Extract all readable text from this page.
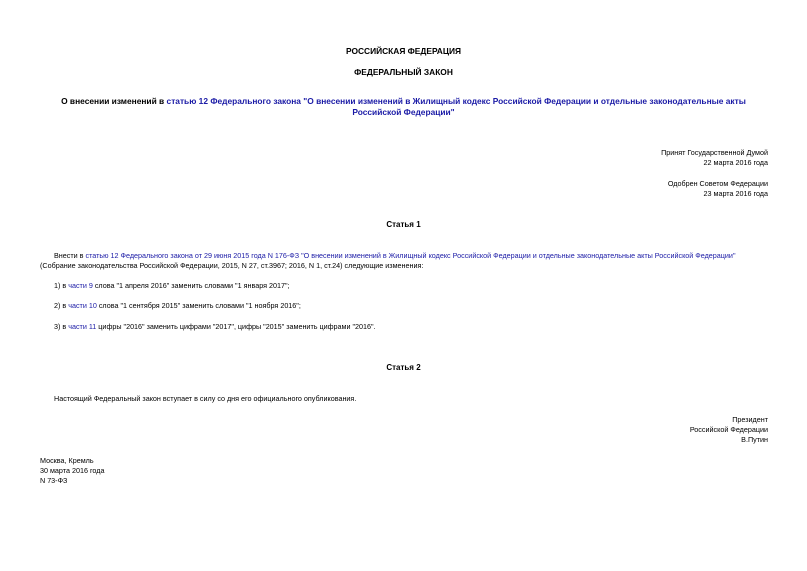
РОССИЙСКАЯ ФЕДЕРАЦИЯ
ФЕДЕРАЛЬНЫЙ ЗАКОН
О внесении изменений в статью 12 Федерального закона "О внесении изменений в Жилищный кодекс Российской Федерации и отдельные законодательные акты
Российской Федерации"
Принят Государственной Думой
22 марта 2016 года
Одобрен Советом Федерации
23 марта 2016 года
Статья 1
Внести в статью 12 Федерального закона от 29 июня 2015 года N 176-ФЗ "О внесении изменений в Жилищный кодекс Российской Федерации и отдельные законодательные акты Российской Федерации"
(Собрание законодательства Российской Федерации, 2015, N 27, ст.3967; 2016, N 1, ст.24) следующие изменения:
1) в части 9 слова "1 апреля 2016" заменить словами "1 января 2017";
2) в части 10 слова "1 сентября 2015" заменить словами "1 ноября 2016";
3) в части 11 цифры "2016" заменить цифрами "2017", цифры "2015" заменить цифрами "2016".
Статья 2
Настоящий Федеральный закон вступает в силу со дня его официального опубликования.
Президент
Российской Федерации
В.Путин
Москва, Кремль
30 марта 2016 года
N 73-ФЗ
